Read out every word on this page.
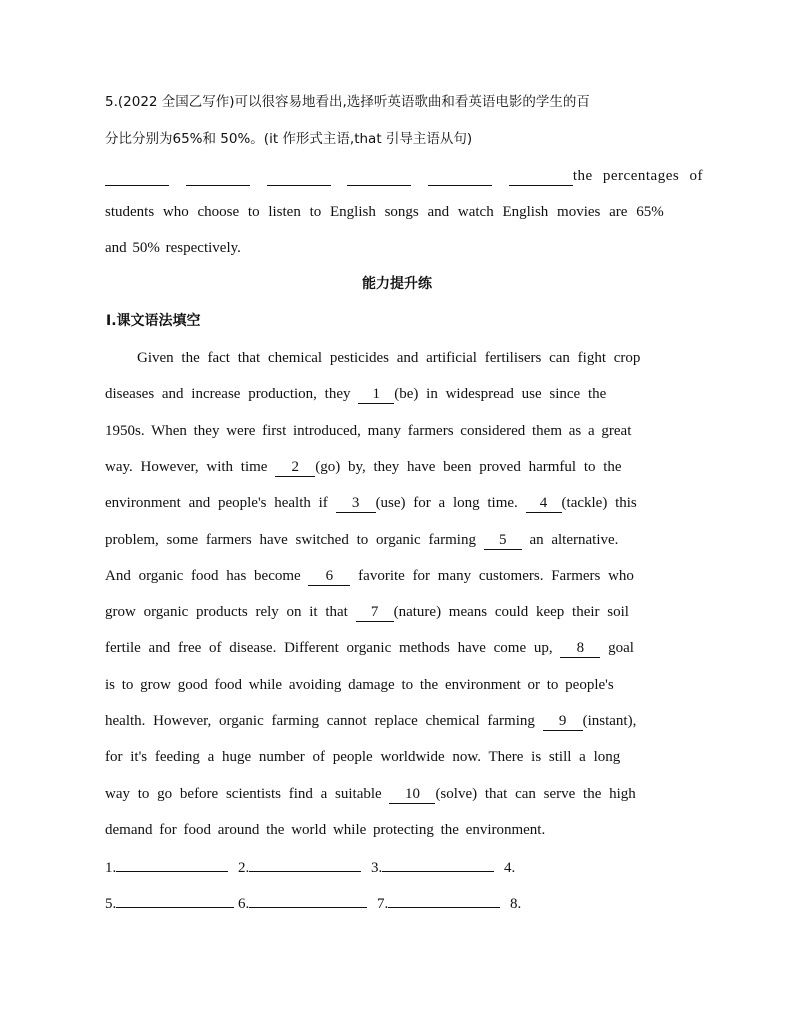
5.(2022 全国乙写作)可以很容易地看出,选择听英语歌曲和看英语电影的学生的百
分比分别为65%和 50%。(it 作形式主语,that 引导主语从句)

the percentages of
students who choose to listen to English songs and watch English movies are 65%
and 50% respectively.
能力提升练
Ⅰ.课文语法填空
Given the fact that chemical pesticides and artificial fertilisers can fight crop
diseases and increase production, they 1 (be) in widespread use since the
1950s. When they were first introduced, many farmers considered them as a great
way. However, with time 2 (go) by, they have been proved harmful to the
environment and people's health if 3 (use) for a long time. 4 (tackle) this
problem, some farmers have switched to organic farming 5 an alternative.
And organic food has become 6 favorite for many customers. Farmers who
grow organic products rely on it that 7 (nature) means could keep their soil
fertile and free of disease. Different organic methods have come up, 8 goal
is to grow good food while avoiding damage to the environment or to people's
health. However, organic farming cannot replace chemical farming 9 (instant),
for it's feeding a huge number of people worldwide now. There is still a long
way to go before scientists find a suitable 10 (solve) that can serve the high
demand for food around the world while protecting the environment.
1.	2.	3.	4.
5.	6.	7.	8.
